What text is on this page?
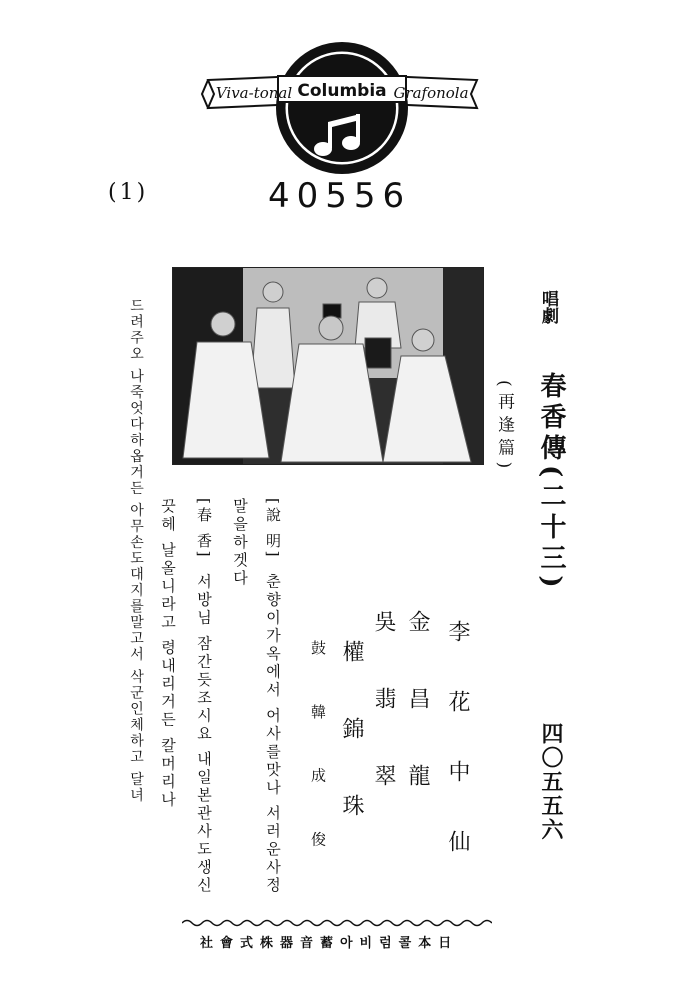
Viva-tonal Columbia Grafonola
(1)	40556
唱劇
春香傳(二十三)
(再逢篇)
四〇五五六
李花中仙
金 昌 龍
吳 翡 翠
權 錦 珠
鼓 韓 成 俊
[說 明]춘향이가옥에서 어사를맛나 서러운사정
말을하겟다
[春 香]서방님 잠간듯조시요 내일본관사도생신
끗헤 날올니라고 령내리거든 칼머리나
드려주오 나죽엇다하옵거든 아무손도대지를말고서 삭군인체하고 달녀
社會式株器音蓄아비럼콜本日
